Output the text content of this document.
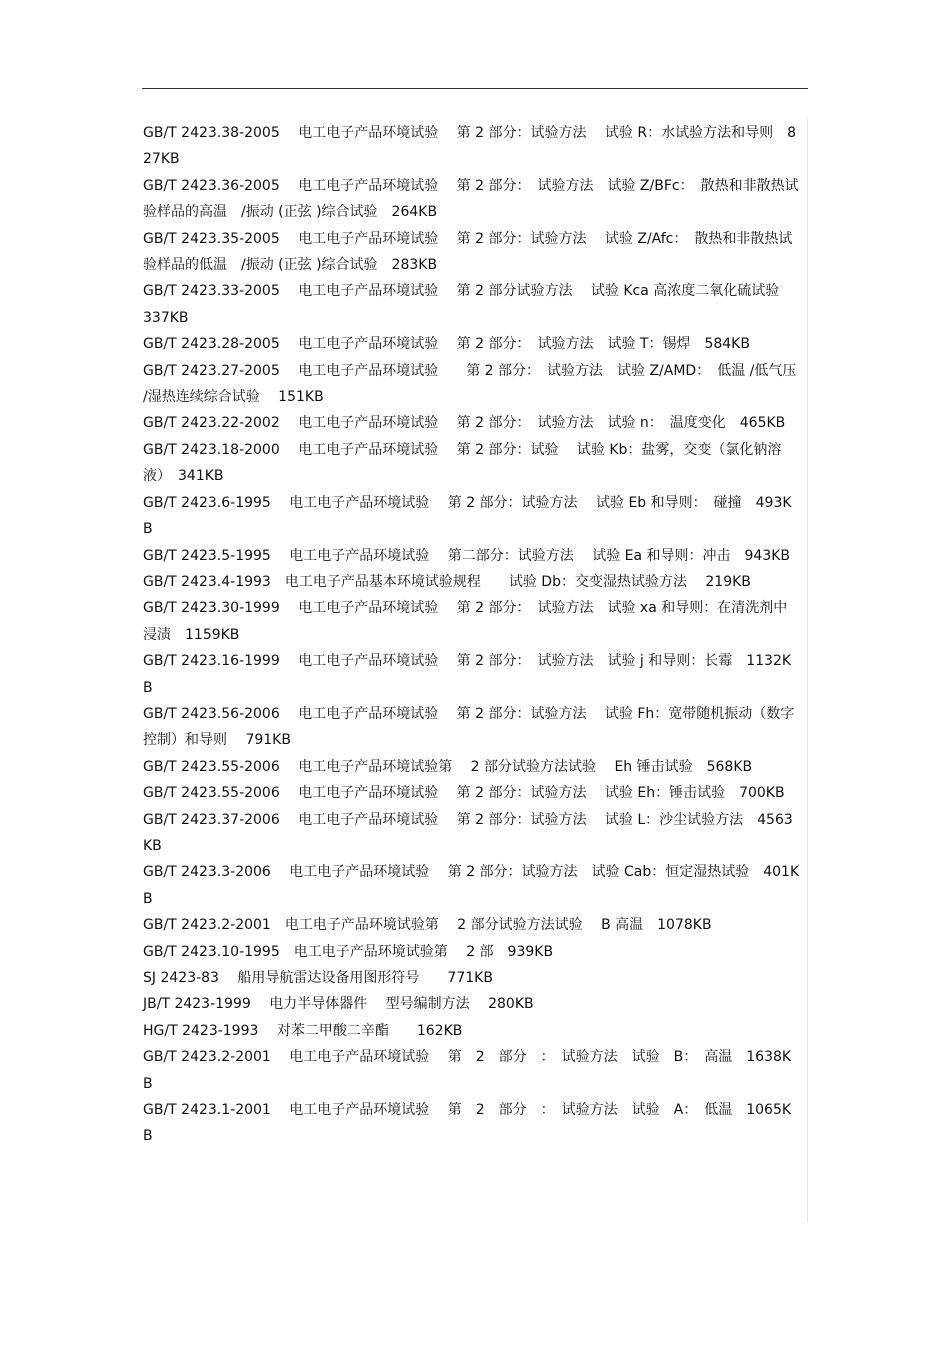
GB/T 2423.38-2005　 电工电子产品环境试验　 第 2 部分：试验方法　 试验 R：水试验方法和导则　827KB
GB/T 2423.36-2005　 电工电子产品环境试验　 第 2 部分：　试验方法　试验 Z/BFc：　散热和非散热试验样品的高温　/振动 (正弦 )综合试验　264KB
GB/T 2423.35-2005　 电工电子产品环境试验　 第 2 部分：试验方法　 试验 Z/Afc：　散热和非散热试验样品的低温　/振动 (正弦 )综合试验　283KB
GB/T 2423.33-2005　 电工电子产品环境试验　 第 2 部分试验方法　 试验 Kca 高浓度二氧化硫试验　337KB
GB/T 2423.28-2005　 电工电子产品环境试验　 第 2 部分：　试验方法　试验 T：锡焊　584KB
GB/T 2423.27-2005　 电工电子产品环境试验　　第 2 部分：　试验方法　试验 Z/AMD：　低温 /低气压 /湿热连续综合试验　 151KB
GB/T 2423.22-2002　 电工电子产品环境试验　 第 2 部分：　试验方法　试验 n：　温度变化　465KB
GB/T 2423.18-2000　 电工电子产品环境试验　 第 2 部分：试验　 试验 Kb：盐雾，交变（氯化钠溶液）　341KB
GB/T 2423.6-1995　 电工电子产品环境试验　 第 2 部分：试验方法　 试验 Eb 和导则：　碰撞　493KB
GB/T 2423.5-1995　 电工电子产品环境试验　 第二部分：试验方法　 试验 Ea 和导则：冲击　943KB
GB/T 2423.4-1993　电工电子产品基本环境试验规程　　试验 Db：交变湿热试验方法　 219KB
GB/T 2423.30-1999　 电工电子产品环境试验　 第 2 部分：　试验方法　试验 xa 和导则：在清洗剂中浸渍　1159KB
GB/T 2423.16-1999　 电工电子产品环境试验　 第 2 部分：　试验方法　试验 j 和导则：长霉　1132KB
GB/T 2423.56-2006　 电工电子产品环境试验　 第 2 部分：试验方法　 试验 Fh：宽带随机振动（数字控制）和导则　 791KB
GB/T 2423.55-2006　 电工电子产品环境试验第　 2 部分试验方法试验　 Eh 锤击试验　568KB
GB/T 2423.55-2006　 电工电子产品环境试验　 第 2 部分：试验方法　 试验 Eh：锤击试验　700KB
GB/T 2423.37-2006　 电工电子产品环境试验　 第 2 部分：试验方法　 试验 L：沙尘试验方法　4563KB
GB/T 2423.3-2006　 电工电子产品环境试验　 第 2 部分：试验方法　试验 Cab：恒定湿热试验　401KB
GB/T 2423.2-2001　电工电子产品环境试验第　 2 部分试验方法试验　 B 高温　1078KB
GB/T 2423.10-1995　电工电子产品环境试验第　 2 部　939KB
SJ 2423-83　 船用导航雷达设备用图形符号　　771KB
JB/T 2423-1999　 电力半导体器件　 型号编制方法　 280KB
HG/T 2423-1993　 对苯二甲酸二辛酯　　162KB
GB/T 2423.2-2001　 电工电子产品环境试验　 第　2　部分　：　试验方法　试验　B：　高温　1638KB
GB/T 2423.1-2001　 电工电子产品环境试验　 第　2　部分　：　试验方法　试验　A：　低温　1065KB
